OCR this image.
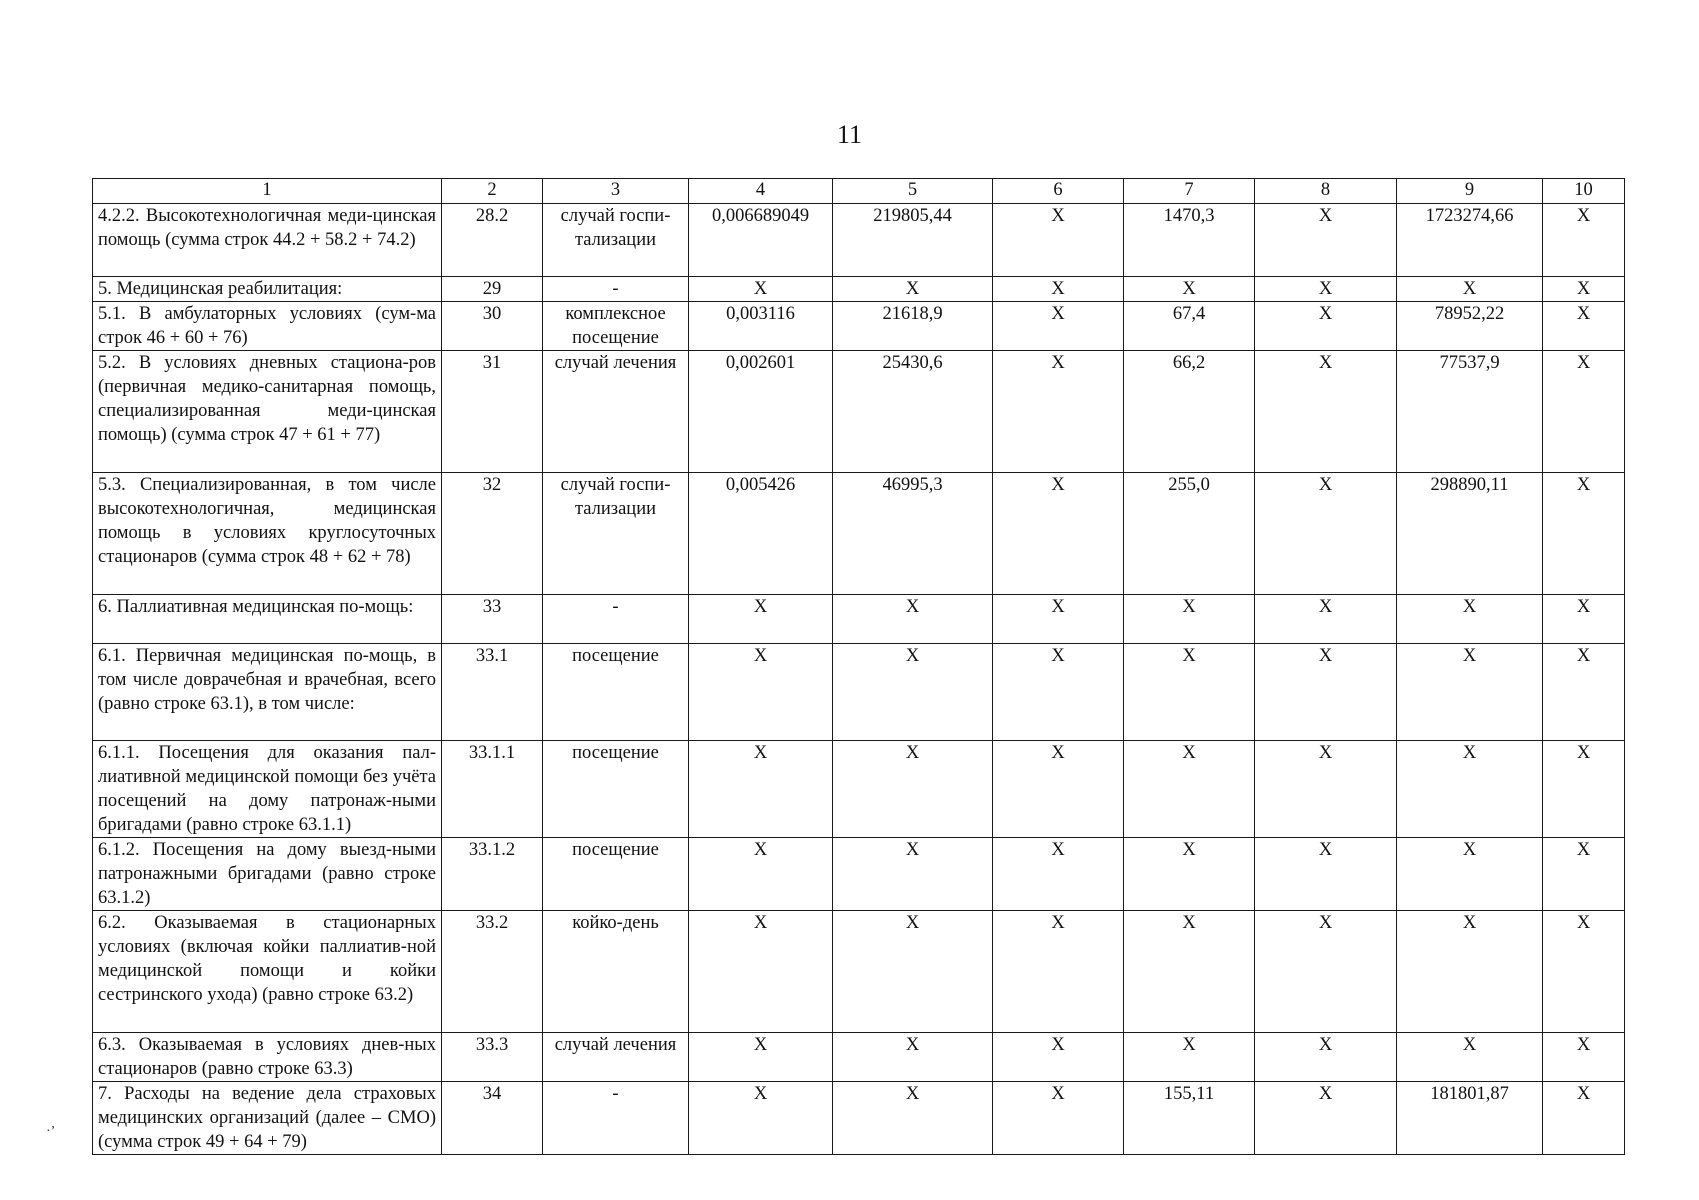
11
1	2	3	4	5	6	7	8	9	10
4.2.2. Высокотехнологичная меди-цинская помощь (сумма строк 44.2 + 58.2 + 74.2)	28.2	случай госпи-тализации	0,006689049	219805,44	X	1470,3	X	1723274,66	X
5. Медицинская реабилитация:	29	-	X	X	X	X	X	X	X
5.1. В амбулаторных условиях (сум-ма строк 46 + 60 + 76)	30	комплексное посещение	0,003116	21618,9	X	67,4	X	78952,22	X
5.2. В условиях дневных стациона-ров (первичная медико-санитарная помощь, специализированная меди-цинская помощь) (сумма строк 47 + 61 + 77)	31	случай лечения	0,002601	25430,6	X	66,2	X	77537,9	X
5.3. Специализированная, в том числе высокотехнологичная, медицинская помощь в условиях круглосуточных стационаров (сумма строк 48 + 62 + 78)	32	случай госпи-тализации	0,005426	46995,3	X	255,0	X	298890,11	X
6. Паллиативная медицинская по-мощь:	33	-	X	X	X	X	X	X	X
6.1. Первичная медицинская по-мощь, в том числе доврачебная и врачебная, всего (равно строке 63.1), в том числе:	33.1	посещение	X	X	X	X	X	X	X
6.1.1. Посещения для оказания пал-лиативной медицинской помощи без учёта посещений на дому патронаж-ными бригадами (равно строке 63.1.1)	33.1.1	посещение	X	X	X	X	X	X	X
6.1.2. Посещения на дому выезд-ными патронажными бригадами (равно строке 63.1.2)	33.1.2	посещение	X	X	X	X	X	X	X
6.2. Оказываемая в стационарных условиях (включая койки паллиатив-ной медицинской помощи и койки сестринского ухода) (равно строке 63.2)	33.2	койко-день	X	X	X	X	X	X	X
6.3. Оказываемая в условиях днев-ных стационаров (равно строке 63.3)	33.3	случай лечения	X	X	X	X	X	X	X
7. Расходы на ведение дела страховых медицинских организаций (далее – СМО) (сумма строк 49 + 64 + 79)	34	-	X	X	X	155,11	X	181801,87	X
·’
